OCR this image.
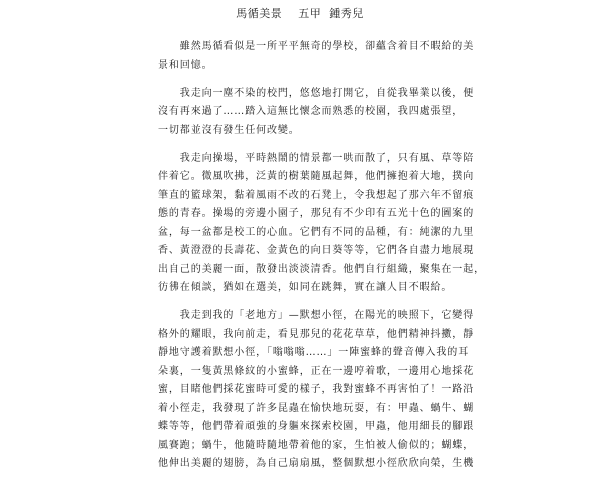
馬循美景    五甲  鍾秀兒
　　雖然馬循看似是一所平平無奇的學校，卻蘊含着目不暇給的美
景和回憶。
　　我走向一塵不染的校門，悠悠地打開它，自從我畢業以後，便
沒有再來過了……踏入這無比懷念而熟悉的校園，我四處張望，
一切都並沒有發生任何改變。
　　我走向操場，平時熱鬧的情景都一哄而散了，只有風、草等陪
伴着它。微風吹拂，泛黃的樹葉隨風起舞，他們擁抱着大地，撲向
筆直的籃球架，黏着風雨不改的石凳上，令我想起了那六年不留痕
態的青春。操場的旁邊小園子，那兒有不少印有五光十色的圖案的
盆，每一盆都是校工的心血。它們有不同的品種，有：純潔的九里
香、黃澄澄的長壽花、金黃色的向日葵等等，它們各自盡力地展現
出自己的美麗一面，散發出淡淡清香。他們自行組織，聚集在一起，
彷彿在傾談，猶如在選美，如同在跳舞，實在讓人目不暇給。
　　我走到我的「老地方」—默想小徑，在陽光的映照下，它變得
格外的耀眼，我向前走，看見那兒的花花草草，他們精神抖擻，靜
靜地守護着默想小徑，「嗡嗡嗡……」一陣蜜蜂的聲音傳入我的耳
朵裏，一隻黃黑條紋的小蜜蜂，正在一邊哼着歌，一邊用心地採花
蜜，目睹他們採花蜜時可愛的樣子，我對蜜蜂不再害怕了！一路沿
着小徑走，我發現了許多昆蟲在愉快地玩耍，有：甲蟲、蝸牛、蝴
蝶等等，他們帶着頑強的身軀來探索校園，甲蟲，他用細長的腳跟
風賽跑；蝸牛，他隨時隨地帶着他的家，生怕被人偷似的；蝴蝶，
他伸出美麗的翅膀，為自己扇扇風，整個默想小徑欣欣向榮，生機
